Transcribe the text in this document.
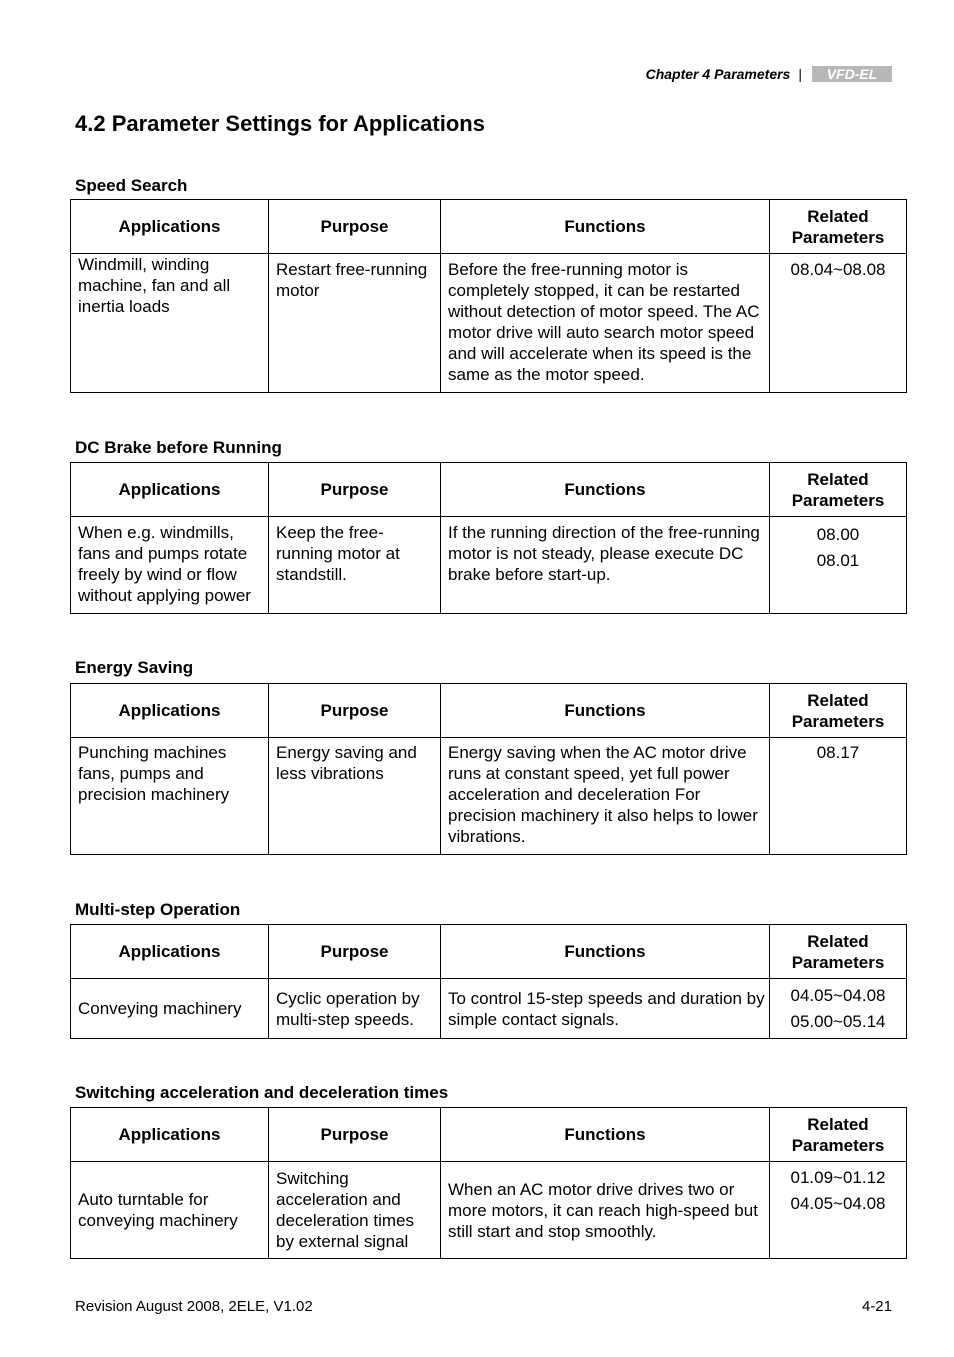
Chapter 4 Parameters | VFD-EL
4.2 Parameter Settings for Applications
Speed Search
Applications	Purpose	Functions	Related
Parameters

Windmill, winding machine, fan and all inertia loads	Restart free-running motor	Before the free-running motor is completely stopped, it can be restarted without detection of motor speed. The AC motor drive will auto search motor speed and will accelerate when its speed is the same as the motor speed.	08.04~08.08
DC Brake before Running
Applications	Purpose	Functions	Related
Parameters

When e.g. windmills, fans and pumps rotate freely by wind or flow without applying power	Keep the free-running motor at standstill.	If the running direction of the free-running motor is not steady, please execute DC brake before start-up.	08.00
08.01
Energy Saving
Applications	Purpose	Functions	Related
Parameters

Punching machines fans, pumps and precision machinery	Energy saving and less vibrations	Energy saving when the AC motor drive runs at constant speed, yet full power acceleration and deceleration For precision machinery it also helps to lower vibrations.	08.17
Multi-step Operation
Applications	Purpose	Functions	Related
Parameters

Conveying machinery	Cyclic operation by multi-step speeds.	To control 15-step speeds and duration by simple contact signals.	04.05~04.08
05.00~05.14
Switching acceleration and deceleration times
Applications	Purpose	Functions	Related
Parameters

Auto turntable for conveying machinery	Switching acceleration and deceleration times by external signal	When an AC motor drive drives two or more motors, it can reach high-speed but still start and stop smoothly.	01.09~01.12
04.05~04.08
Revision August 2008, 2ELE, V1.02	4-21
